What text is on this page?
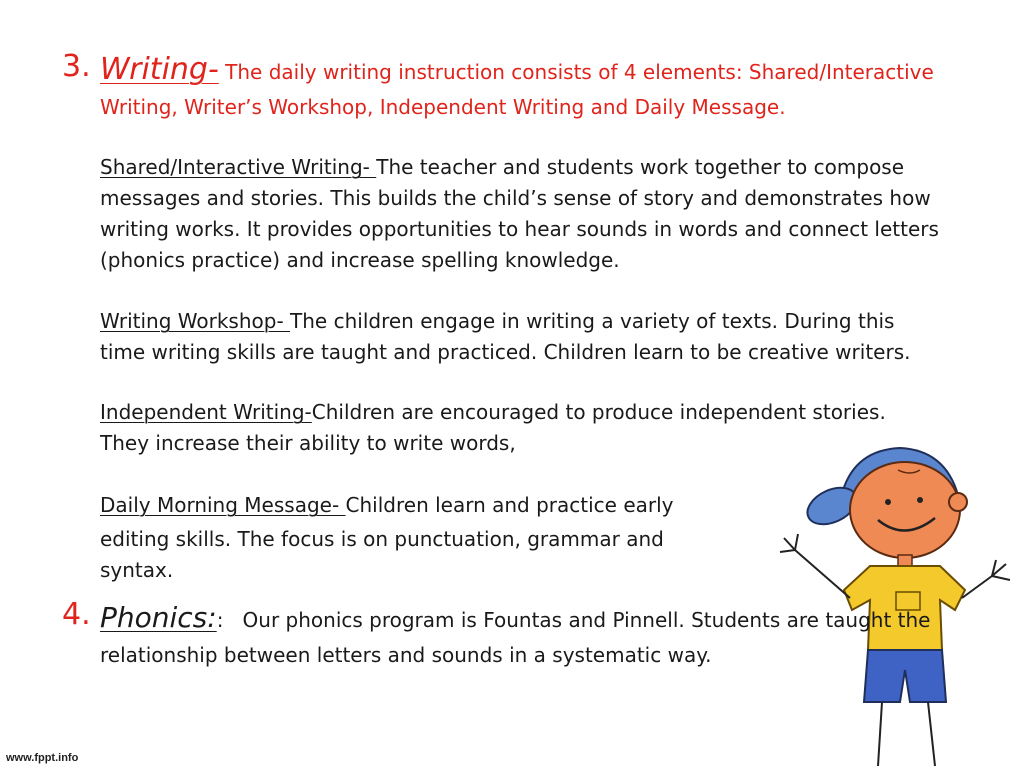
3. Writing- The daily writing instruction consists of 4 elements: Shared/Interactive
Writing, Writer’s Workshop, Independent Writing and Daily Message.
Shared/Interactive Writing- The teacher and students work together to compose
messages and stories. This builds the child’s sense of story and demonstrates how
writing works. It provides opportunities to hear sounds in words and connect letters
(phonics practice) and increase spelling knowledge.
Writing Workshop- The children engage in writing a variety of texts. During this
time writing skills are taught and practiced. Children learn to be creative writers.
Independent Writing-Children are encouraged to produce independent stories.
They increase their ability to write words,
Daily Morning Message- Children learn and practice early
editing skills. The focus is on punctuation, grammar and
syntax.
4. Phonics:: Our phonics program is Fountas and Pinnell. Students are taught the
relationship between letters and sounds in a systematic way.
www.fppt.info
